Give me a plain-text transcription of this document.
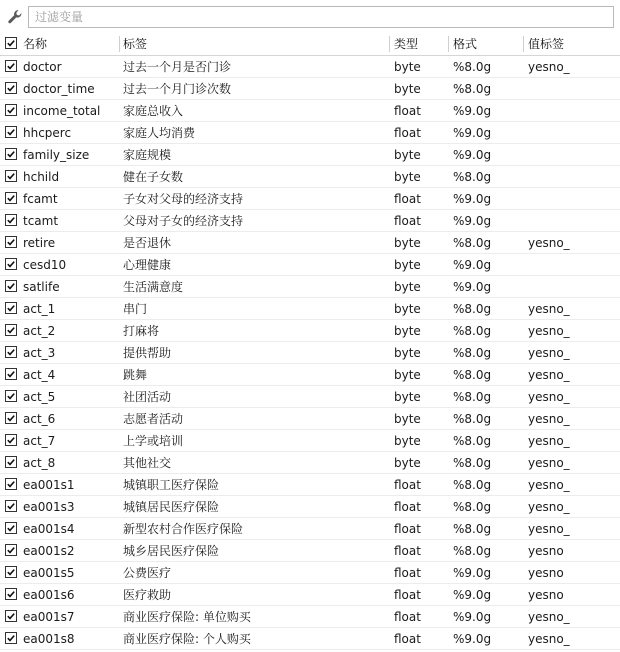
过滤变量
名称	标签	类型	格式	值标签
doctor	过去一个月是否门诊	byte	%8.0g	yesno_
doctor_time	过去一个月门诊次数	byte	%8.0g
income_total	家庭总收入	float	%9.0g
hhcperc	家庭人均消费	float	%9.0g
family_size	家庭规模	byte	%9.0g
hchild	健在子女数	byte	%8.0g
fcamt	子女对父母的经济支持	float	%9.0g
tcamt	父母对子女的经济支持	float	%9.0g
retire	是否退休	byte	%8.0g	yesno_
cesd10	心理健康	byte	%9.0g
satlife	生活满意度	byte	%9.0g
act_1	串门	byte	%8.0g	yesno_
act_2	打麻将	byte	%8.0g	yesno_
act_3	提供帮助	byte	%8.0g	yesno_
act_4	跳舞	byte	%8.0g	yesno_
act_5	社团活动	byte	%8.0g	yesno_
act_6	志愿者活动	byte	%8.0g	yesno_
act_7	上学或培训	byte	%8.0g	yesno_
act_8	其他社交	byte	%8.0g	yesno_
ea001s1	城镇职工医疗保险	float	%8.0g	yesno_
ea001s3	城镇居民医疗保险	float	%8.0g	yesno_
ea001s4	新型农村合作医疗保险	float	%8.0g	yesno_
ea001s2	城乡居民医疗保险	float	%8.0g	yesno
ea001s5	公费医疗	float	%9.0g	yesno
ea001s6	医疗救助	float	%9.0g	yesno
ea001s7	商业医疗保险: 单位购买	float	%9.0g	yesno_
ea001s8	商业医疗保险: 个人购买	float	%9.0g	yesno_
